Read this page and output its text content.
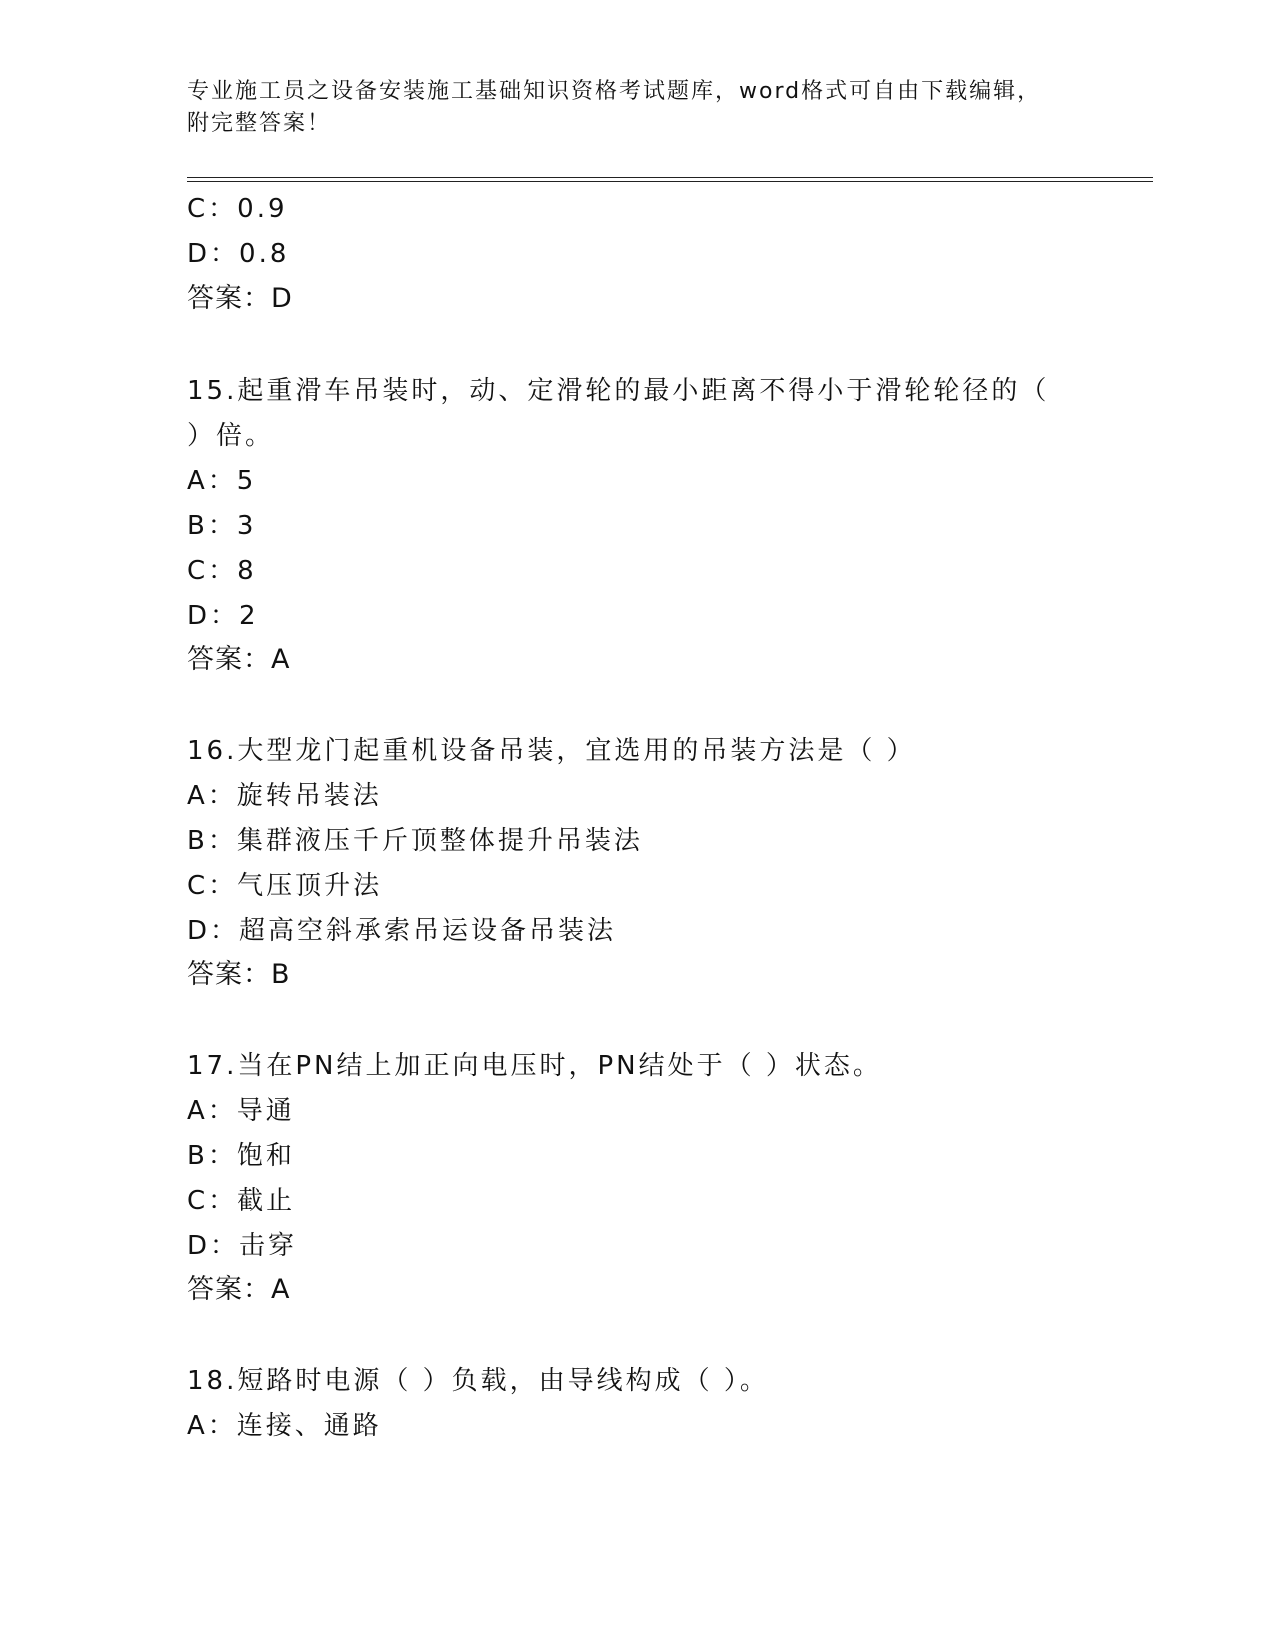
专业施工员之设备安装施工基础知识资格考试题库，word格式可自由下载编辑，
附完整答案！
C：0.9
D：0.8
答案：D
15.起重滑车吊装时，动、定滑轮的最小距离不得小于滑轮轮径的（
）倍。
A：5
B：3
C：8
D：2
答案：A
16.大型龙门起重机设备吊装，宜选用的吊装方法是（ ）
A：旋转吊装法
B：集群液压千斤顶整体提升吊装法
C：气压顶升法
D：超高空斜承索吊运设备吊装法
答案：B
17.当在PN结上加正向电压时，PN结处于（ ）状态。
A：导通
B：饱和
C：截止
D：击穿
答案：A
18.短路时电源（ ）负载，由导线构成（ ）。
A：连接、通路
